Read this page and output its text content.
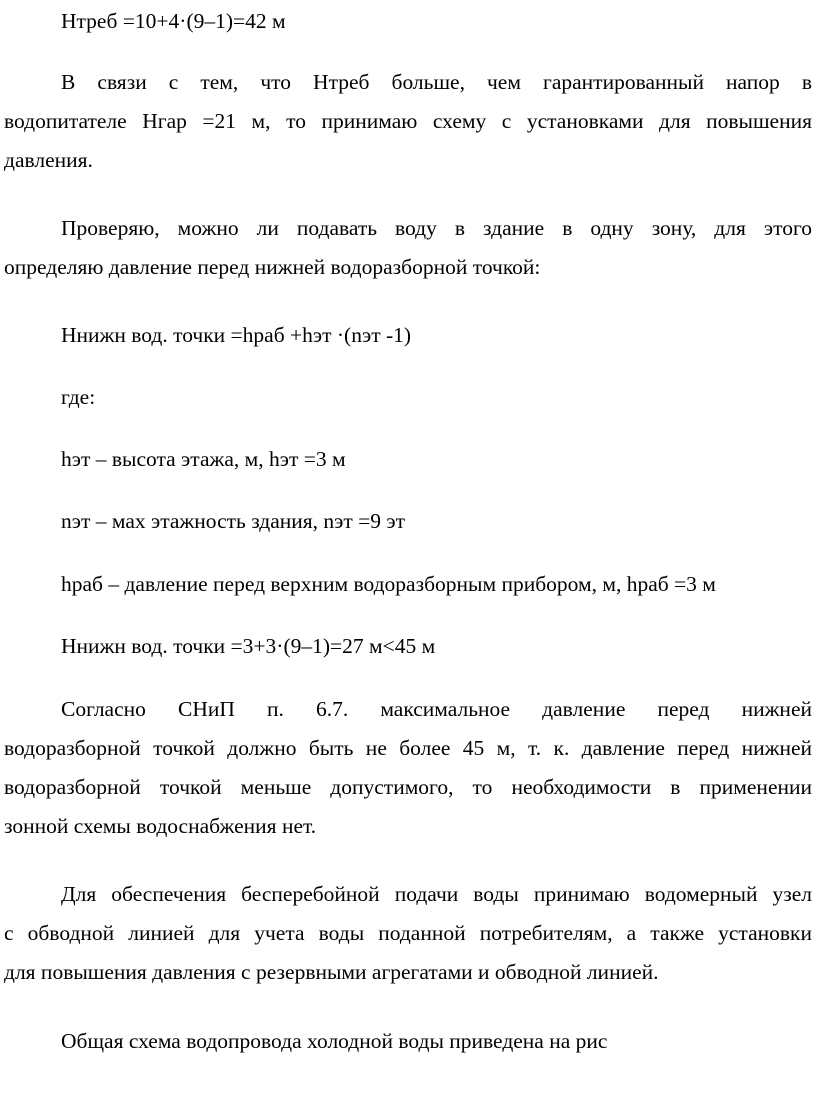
Hтреб =10+4·(9–1)=42 м
В связи с тем, что Hтреб больше, чем гарантированный напор в
водопитателе Hгар =21 м, то принимаю схему с установками для повышения
давления.
Проверяю, можно ли подавать воду в здание в одну зону, для этого
определяю давление перед нижней водоразборной точкой:
Hнижн вод. точки =hраб +hэт ·(nэт -1)
где:
hэт – высота этажа, м, hэт =3 м
nэт – мах этажность здания, nэт =9 эт
hраб – давление перед верхним водоразборным прибором, м, hраб =3 м
Hнижн вод. точки =3+3·(9–1)=27 м<45 м
Согласно СНиП п. 6.7. максимальное давление перед нижней
водоразборной точкой должно быть не более 45 м, т. к. давление перед нижней
водоразборной точкой меньше допустимого, то необходимости в применении
зонной схемы водоснабжения нет.
Для обеспечения бесперебойной подачи воды принимаю водомерный узел
с обводной линией для учета воды поданной потребителям, а также установки
для повышения давления с резервными агрегатами и обводной линией.
Общая схема водопровода холодной воды приведена на рис
